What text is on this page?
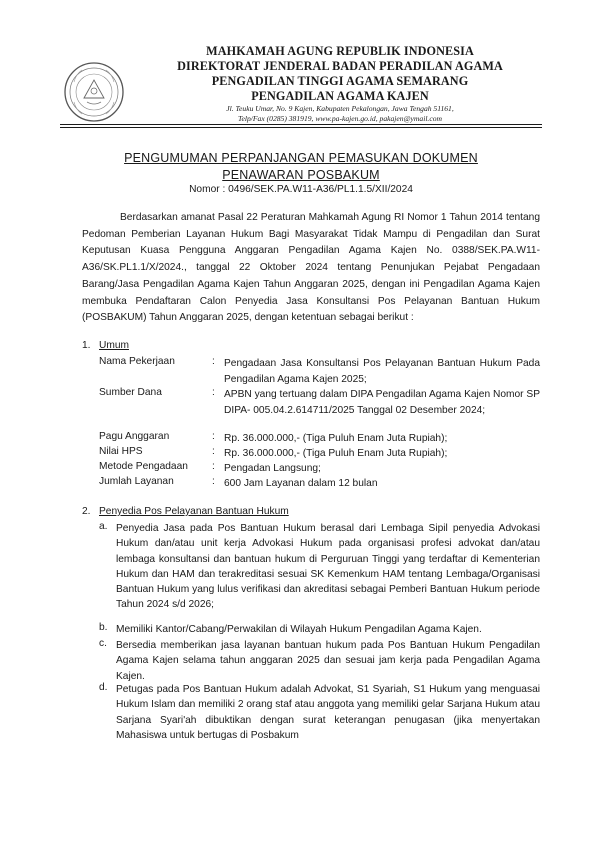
MAHKAMAH AGUNG REPUBLIK INDONESIA
DIREKTORAT JENDERAL BADAN PERADILAN AGAMA
PENGADILAN TINGGI AGAMA SEMARANG
PENGADILAN AGAMA KAJEN
Jl. Teuku Umar, No. 9 Kajen, Kabupaten Pekalongan, Jawa Tengah 51161,
Telp/Fax (0285) 381919, www.pa-kajen.go.id, pakajen@ymail.com
PENGUMUMAN PERPANJANGAN PEMASUKAN DOKUMEN
PENAWARAN POSBAKUM
Nomor : 0496/SEK.PA.W11-A36/PL1.1.5/XII/2024
Berdasarkan amanat Pasal 22 Peraturan Mahkamah Agung RI Nomor 1 Tahun 2014 tentang Pedoman Pemberian Layanan Hukum Bagi Masyarakat Tidak Mampu di Pengadilan dan Surat Keputusan Kuasa Pengguna Anggaran Pengadilan Agama Kajen No. 0388/SEK.PA.W11-A36/SK.PL1.1/X/2024., tanggal 22 Oktober 2024 tentang Penunjukan Pejabat Pengadaan Barang/Jasa Pengadilan Agama Kajen Tahun Anggaran 2025, dengan ini Pengadilan Agama Kajen membuka Pendaftaran Calon Penyedia Jasa Konsultansi Pos Pelayanan Bantuan Hukum (POSBAKUM) Tahun Anggaran 2025, dengan ketentuan sebagai berikut :
1. Umum
Nama Pekerjaan	: Pengadaan Jasa Konsultansi Pos Pelayanan Bantuan Hukum Pada Pengadilan Agama Kajen 2025;
Sumber Dana	: APBN yang tertuang dalam DIPA Pengadilan Agama Kajen Nomor SP DIPA- 005.04.2.614711/2025 Tanggal 02 Desember 2024;
Pagu Anggaran	: Rp. 36.000.000,- (Tiga Puluh Enam Juta Rupiah);
Nilai HPS	: Rp. 36.000.000,- (Tiga Puluh Enam Juta Rupiah);
Metode Pengadaan	: Pengadan Langsung;
Jumlah Layanan	: 600 Jam Layanan dalam 12 bulan
2. Penyedia Pos Pelayanan Bantuan Hukum
a. Penyedia Jasa pada Pos Bantuan Hukum berasal dari Lembaga Sipil penyedia Advokasi Hukum dan/atau unit kerja Advokasi Hukum pada organisasi profesi advokat dan/atau lembaga konsultansi dan bantuan hukum di Perguruan Tinggi yang terdaftar di Kementerian Hukum dan HAM dan terakreditasi sesuai SK Kemenkum HAM tentang Lembaga/Organisasi Bantuan Hukum yang lulus verifikasi dan akreditasi sebagai Pemberi Bantuan Hukum periode Tahun 2024 s/d 2026;
b. Memiliki Kantor/Cabang/Perwakilan di Wilayah Hukum Pengadilan Agama Kajen.
c. Bersedia memberikan jasa layanan bantuan hukum pada Pos Bantuan Hukum Pengadilan Agama Kajen selama tahun anggaran 2025 dan sesuai jam kerja pada Pengadilan Agama Kajen.
d. Petugas pada Pos Bantuan Hukum adalah Advokat, S1 Syariah, S1 Hukum yang menguasai Hukum Islam dan memiliki 2 orang staf atau anggota yang memiliki gelar Sarjana Hukum atau Sarjana Syari'ah dibuktikan dengan surat keterangan penugasan (jika menyertakan Mahasiswa untuk bertugas di Posbakum
